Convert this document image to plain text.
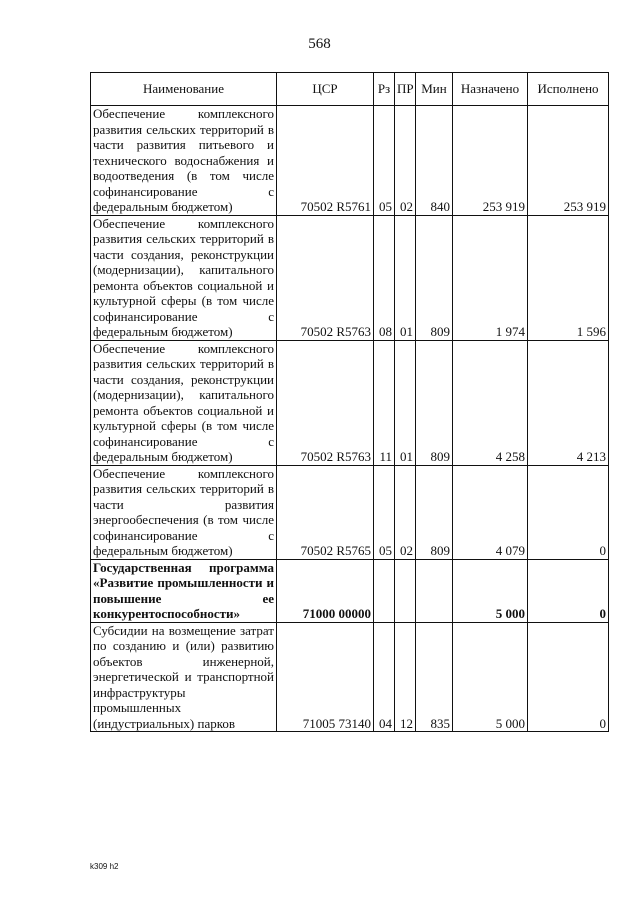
568
Наименование	ЦСР	Рз	ПР	Мин	Назначено	Исполнено
Обеспечение комплексного развития сельских территорий в части развития питьевого и технического водоснабжения и водоотведения (в том числе софинансирование с федеральным бюджетом)	70502 R5761	05	02	840	253 919	253 919
Обеспечение комплексного развития сельских территорий в части создания, реконструкции (модернизации), капитального ремонта объектов социальной и культурной сферы (в том числе софинансирование с федеральным бюджетом)	70502 R5763	08	01	809	1 974	1 596
Обеспечение комплексного развития сельских территорий в части создания, реконструкции (модернизации), капитального ремонта объектов социальной и культурной сферы (в том числе софинансирование с федеральным бюджетом)	70502 R5763	11	01	809	4 258	4 213
Обеспечение комплексного развития сельских территорий в части развития энергообеспечения (в том числе софинансирование с федеральным бюджетом)	70502 R5765	05	02	809	4 079	0
Государственная программа «Развитие промышленности и повышение ее конкурентоспособности»	71000 00000				5 000	0
Субсидии на возмещение затрат по созданию и (или) развитию объектов инженерной, энергетической и транспортной инфраструктуры промышленных (индустриальных) парков	71005 73140	04	12	835	5 000	0
k309 h2
